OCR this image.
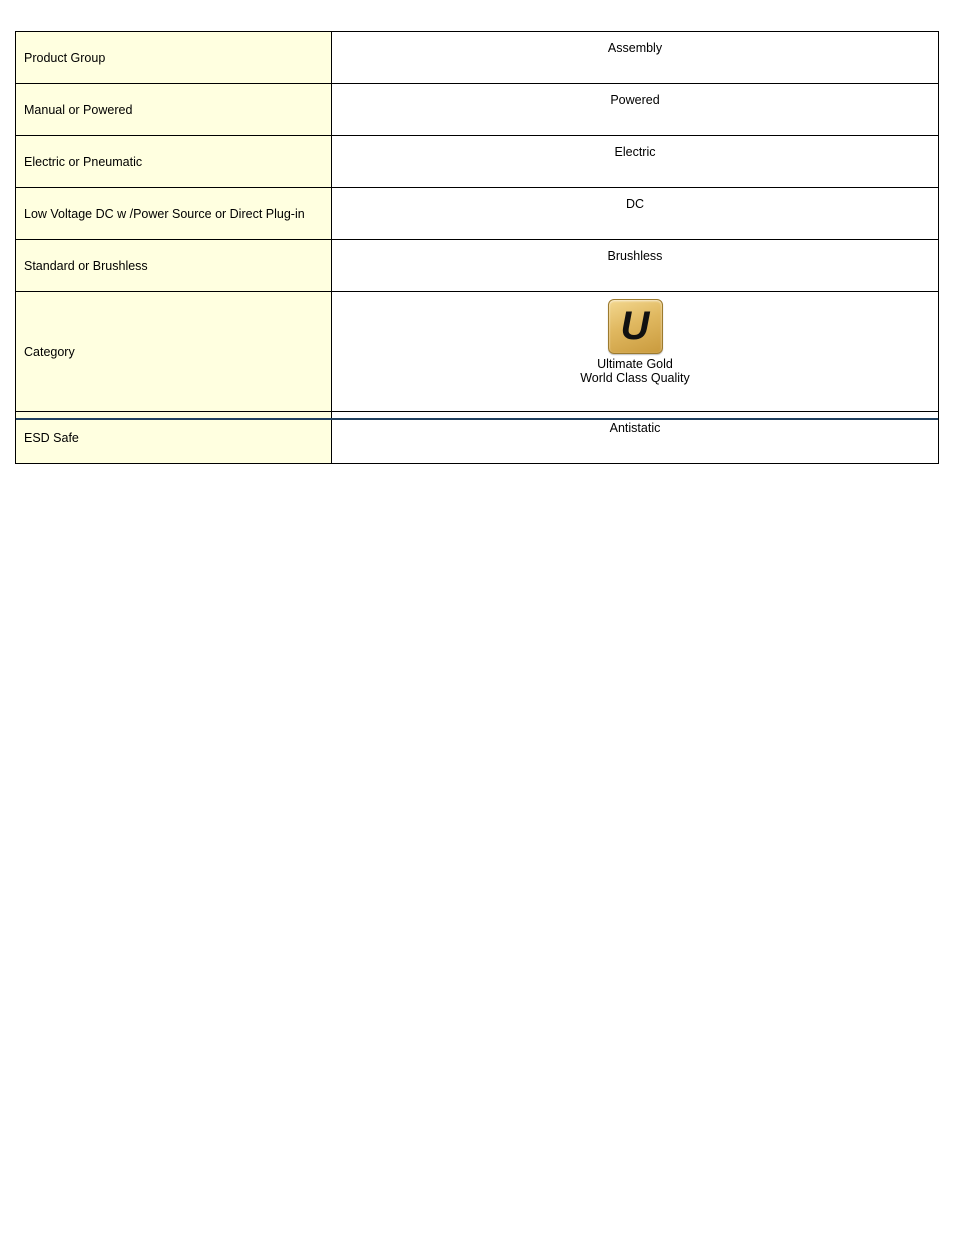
Product Group	Assembly
Manual or Powered	Powered
Electric or Pneumatic	Electric
Low Voltage DC w /Power Source or Direct Plug-in	DC
Standard or Brushless	Brushless
Category	U
Ultimate Gold
World Class Quality

ESD Safe	Antistatic
